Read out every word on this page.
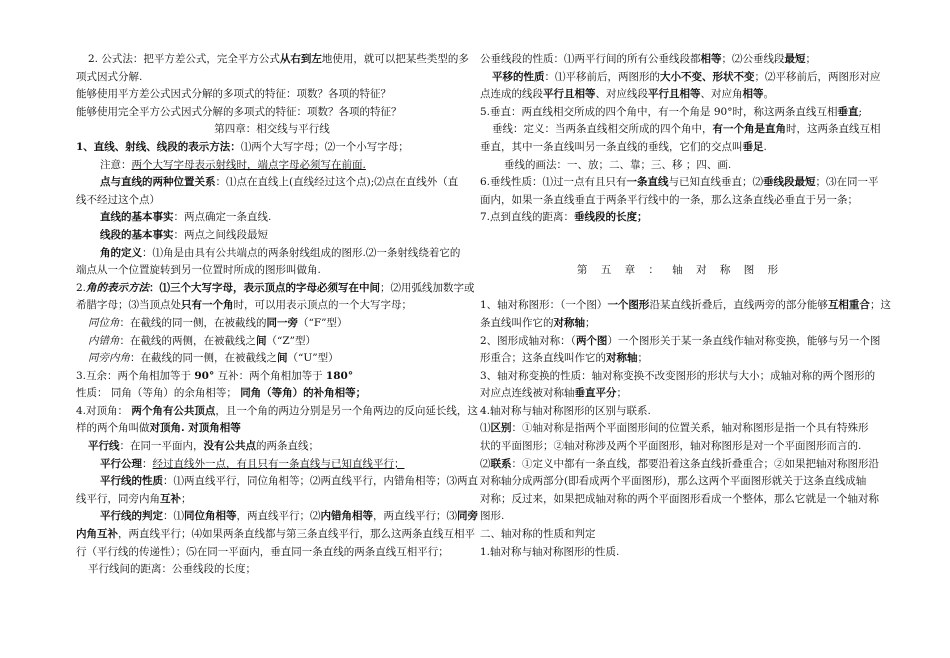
2. 公式法：把平方差公式，完全平方公式从右到左地使用，就可以把某些类型的多
项式因式分解.
能够使用平方差公式因式分解的多项式的特征：项数？各项的特征？
能够使用完全平方公式因式分解的多项式的特征：项数？各项的特征？
第四章：相交线与平行线
1、直线、射线、线段的表示方法：⑴两个大写字母；⑵一个小写字母；
注意：两个大写字母表示射线时，端点字母必须写在前面.
点与直线的两种位置关系：⑴点在直线上(直线经过这个点);⑵点在直线外（直
线不经过这个点）
直线的基本事实：两点确定一条直线.
线段的基本事实：两点之间线段最短
角的定义：⑴角是由具有公共端点的两条射线组成的图形.⑵一条射线绕着它的
端点从一个位置旋转到另一位置时所成的图形叫做角.
2.角的表示方法：⑴三个大写字母，表示顶点的字母必须写在中间；⑵用弧线加数字或
希腊字母；⑶当顶点处只有一个角时，可以用表示顶点的一个大写字母；
同位角：在截线的同一侧，在被截线的同一旁（“F”型）
内错角：在截线的两侧，在被截线之间（“Z”型）
同旁内角：在截线的同一侧，在被截线之间（“U”型）
3.互余：两个角相加等于 90° 互补：两个角相加等于 180°
性质： 同角（等角）的余角相等； 同角（等角）的补角相等；
4.对顶角： 两个角有公共顶点，且一个角的两边分别是另一个角两边的反向延长线，这
样的两个角叫做对顶角. 对顶角相等
平行线：在同一平面内，没有公共点的两条直线；
平行公理：经过直线外一点，有且只有一条直线与已知直线平行；
平行线的性质：⑴两直线平行，同位角相等；⑵两直线平行，内错角相等；⑶两直
线平行，同旁内角互补；
平行线的判定：⑴同位角相等，两直线平行；⑵内错角相等，两直线平行；⑶同旁
内角互补，两直线平行；⑷如果两条直线都与第三条直线平行，那么这两条直线互相平
行（平行线的传递性）；⑸在同一平面内，垂直同一条直线的两条直线互相平行；
平行线间的距离：公垂线段的长度；
公垂线段的性质：⑴两平行间的所有公垂线段都相等；⑵公垂线段最短；
平移的性质：⑴平移前后，两图形的大小不变、形状不变；⑵平移前后，两图形对应
点连成的线段平行且相等、对应线段平行且相等、对应角相等。
5.垂直：两直线相交所成的四个角中，有一个角是 90°时，称这两条直线互相垂直;
垂线：定义：当两条直线相交所成的四个角中，有一个角是直角时，这两条直线互相
垂直，其中一条直线叫另一条直线的垂线，它们的交点叫垂足.
垂线的画法：一、放；二、靠；三、移 ；四、画.
6.垂线性质：⑴过一点有且只有一条直线与已知直线垂直；⑵垂线段最短；⑶在同一平
面内，如果一条直线垂直于两条平行线中的一条，那么这条直线必垂直于另一条；
7.点到直线的距离：垂线段的长度；
第 五 章 ： 轴 对 称 图 形
1、轴对称图形：（一个图）一个图形沿某直线折叠后，直线两旁的部分能够互相重合；这
条直线叫作它的对称轴；
2、图形成轴对称：（两个图）一个图形关于某一条直线作轴对称变换，能够与另一个图
形重合；这条直线叫作它的对称轴；
3、轴对称变换的性质：轴对称变换不改变图形的形状与大小；成轴对称的两个图形的
对应点连线被对称轴垂直平分；
4.轴对称与轴对称图形的区别与联系.
⑴区别：①轴对称是指两个平面图形间的位置关系，轴对称图形是指一个具有特殊形
状的平面图形；②轴对称涉及两个平面图形，轴对称图形是对一个平面图形而言的.
⑵联系：①定义中都有一条直线，都要沿着这条直线折叠重合；②如果把轴对称图形沿
对称轴分成两部分(即看成两个平面图形)，那么这两个平面图形就关于这条直线成轴
对称；反过来，如果把成轴对称的两个平面图形看成一个整体，那么它就是一个轴对称
图形.
二、轴对称的性质和判定
1.轴对称与轴对称图形的性质.
